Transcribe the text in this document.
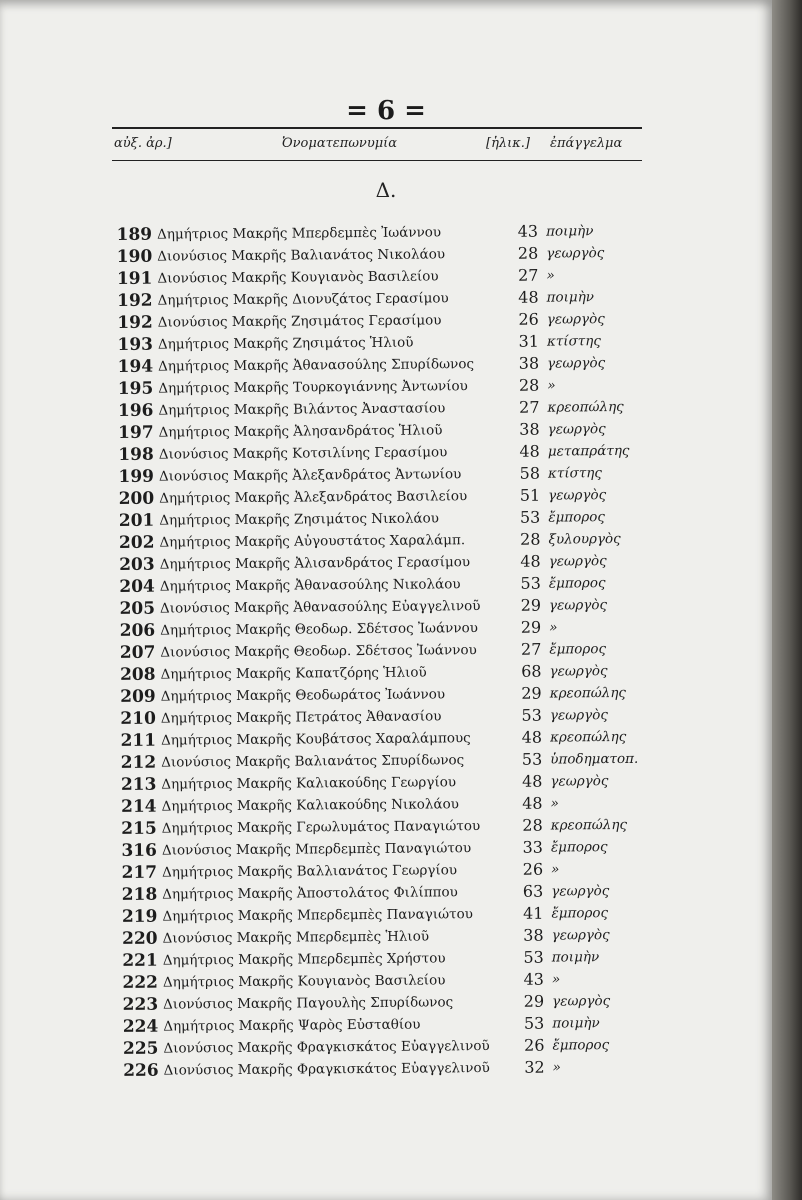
= 6 =
αὐξ. ἀρ.]	Ὀνοματεπωνυμία	[ἡλικ.] ἐπάγγελμα
Δ.
189 Δημήτριος Μακρῆς Μπερδεμπὲς Ἰωάννου	43 ποιμὴν
190 Διονύσιος Μακρῆς Βαλιανάτος Νικολάου	28 γεωργὸς
191 Διονύσιος Μακρῆς Κουγιανὸς Βασιλείου	27 »
192 Δημήτριος Μακρῆς Διονυζάτος Γερασίμου	48 ποιμὴν
192 Διονύσιος Μακρῆς Ζησιμάτος Γερασίμου	26 γεωργὸς
193 Δημήτριος Μακρῆς Ζησιμάτος Ἡλιοῦ	31 κτίστης
194 Δημήτριος Μακρῆς Ἀθανασούλης Σπυρίδωνος	38 γεωργὸς
195 Δημήτριος Μακρῆς Τουρκογιάννης Ἀντωνίου	28 »
196 Δημήτριος Μακρῆς Βιλάντος Ἀναστασίου	27 κρεοπώλης
197 Δημήτριος Μακρῆς Ἀλησανδράτος Ἡλιοῦ	38 γεωργὸς
198 Διονύσιος Μακρῆς Κοτσιλίνης Γερασίμου	48 μεταπράτης
199 Διονύσιος Μακρῆς Ἀλεξανδράτος Ἀντωνίου	58 κτίστης
200 Δημήτριος Μακρῆς Ἀλεξανδράτος Βασιλείου	51 γεωργὸς
201 Δημήτριος Μακρῆς Ζησιμάτος Νικολάου	53 ἔμπορος
202 Δημήτριος Μακρῆς Αὐγουστάτος Χαραλάμπ.	28 ξυλουργὸς
203 Δημήτριος Μακρῆς Ἀλισανδράτος Γερασίμου	48 γεωργὸς
204 Δημήτριος Μακρῆς Ἀθανασούλης Νικολάου	53 ἔμπορος
205 Διονύσιος Μακρῆς Ἀθανασούλης Εὐαγγελινοῦ	29 γεωργὸς
206 Δημήτριος Μακρῆς Θεοδωρ. Σδέτσος Ἰωάννου	29 »
207 Διονύσιος Μακρῆς Θεοδωρ. Σδέτσος Ἰωάννου	27 ἔμπορος
208 Δημήτριος Μακρῆς Καπατζόρης Ἡλιοῦ	68 γεωργὸς
209 Δημήτριος Μακρῆς Θεοδωράτος Ἰωάννου	29 κρεοπώλης
210 Δημήτριος Μακρῆς Πετράτος Ἀθανασίου	53 γεωργὸς
211 Δημήτριος Μακρῆς Κουβάτσος Χαραλάμπους	48 κρεοπώλης
212 Διονύσιος Μακρῆς Βαλιανάτος Σπυρίδωνος	53 ὑποδηματοπ.
213 Δημήτριος Μακρῆς Καλιακούδης Γεωργίου	48 γεωργὸς
214 Δημήτριος Μακρῆς Καλιακούδης Νικολάου	48 »
215 Δημήτριος Μακρῆς Γερωλυμάτος Παναγιώτου	28 κρεοπώλης
316 Διονύσιος Μακρῆς Μπερδεμπὲς Παναγιώτου	33 ἔμπορος
217 Δημήτριος Μακρῆς Βαλλιανάτος Γεωργίου	26 »
218 Δημήτριος Μακρῆς Ἀποστολάτος Φιλίππου	63 γεωργὸς
219 Δημήτριος Μακρῆς Μπερδεμπὲς Παναγιώτου	41 ἔμπορος
220 Διονύσιος Μακρῆς Μπερδεμπὲς Ἡλιοῦ	38 γεωργὸς
221 Δημήτριος Μακρῆς Μπερδεμπὲς Χρήστου	53 ποιμὴν
222 Δημήτριος Μακρῆς Κουγιανὸς Βασιλείου	43 »
223 Διονύσιος Μακρῆς Παγουλὴς Σπυρίδωνος	29 γεωργὸς
224 Δημήτριος Μακρῆς Ψαρὸς Εὐσταθίου	53 ποιμὴν
225 Διονύσιος Μακρῆς Φραγκισκάτος Εὐαγγελινοῦ	26 ἔμπορος
226 Διονύσιος Μακρῆς Φραγκισκάτος Εὐαγγελινοῦ	32 »
